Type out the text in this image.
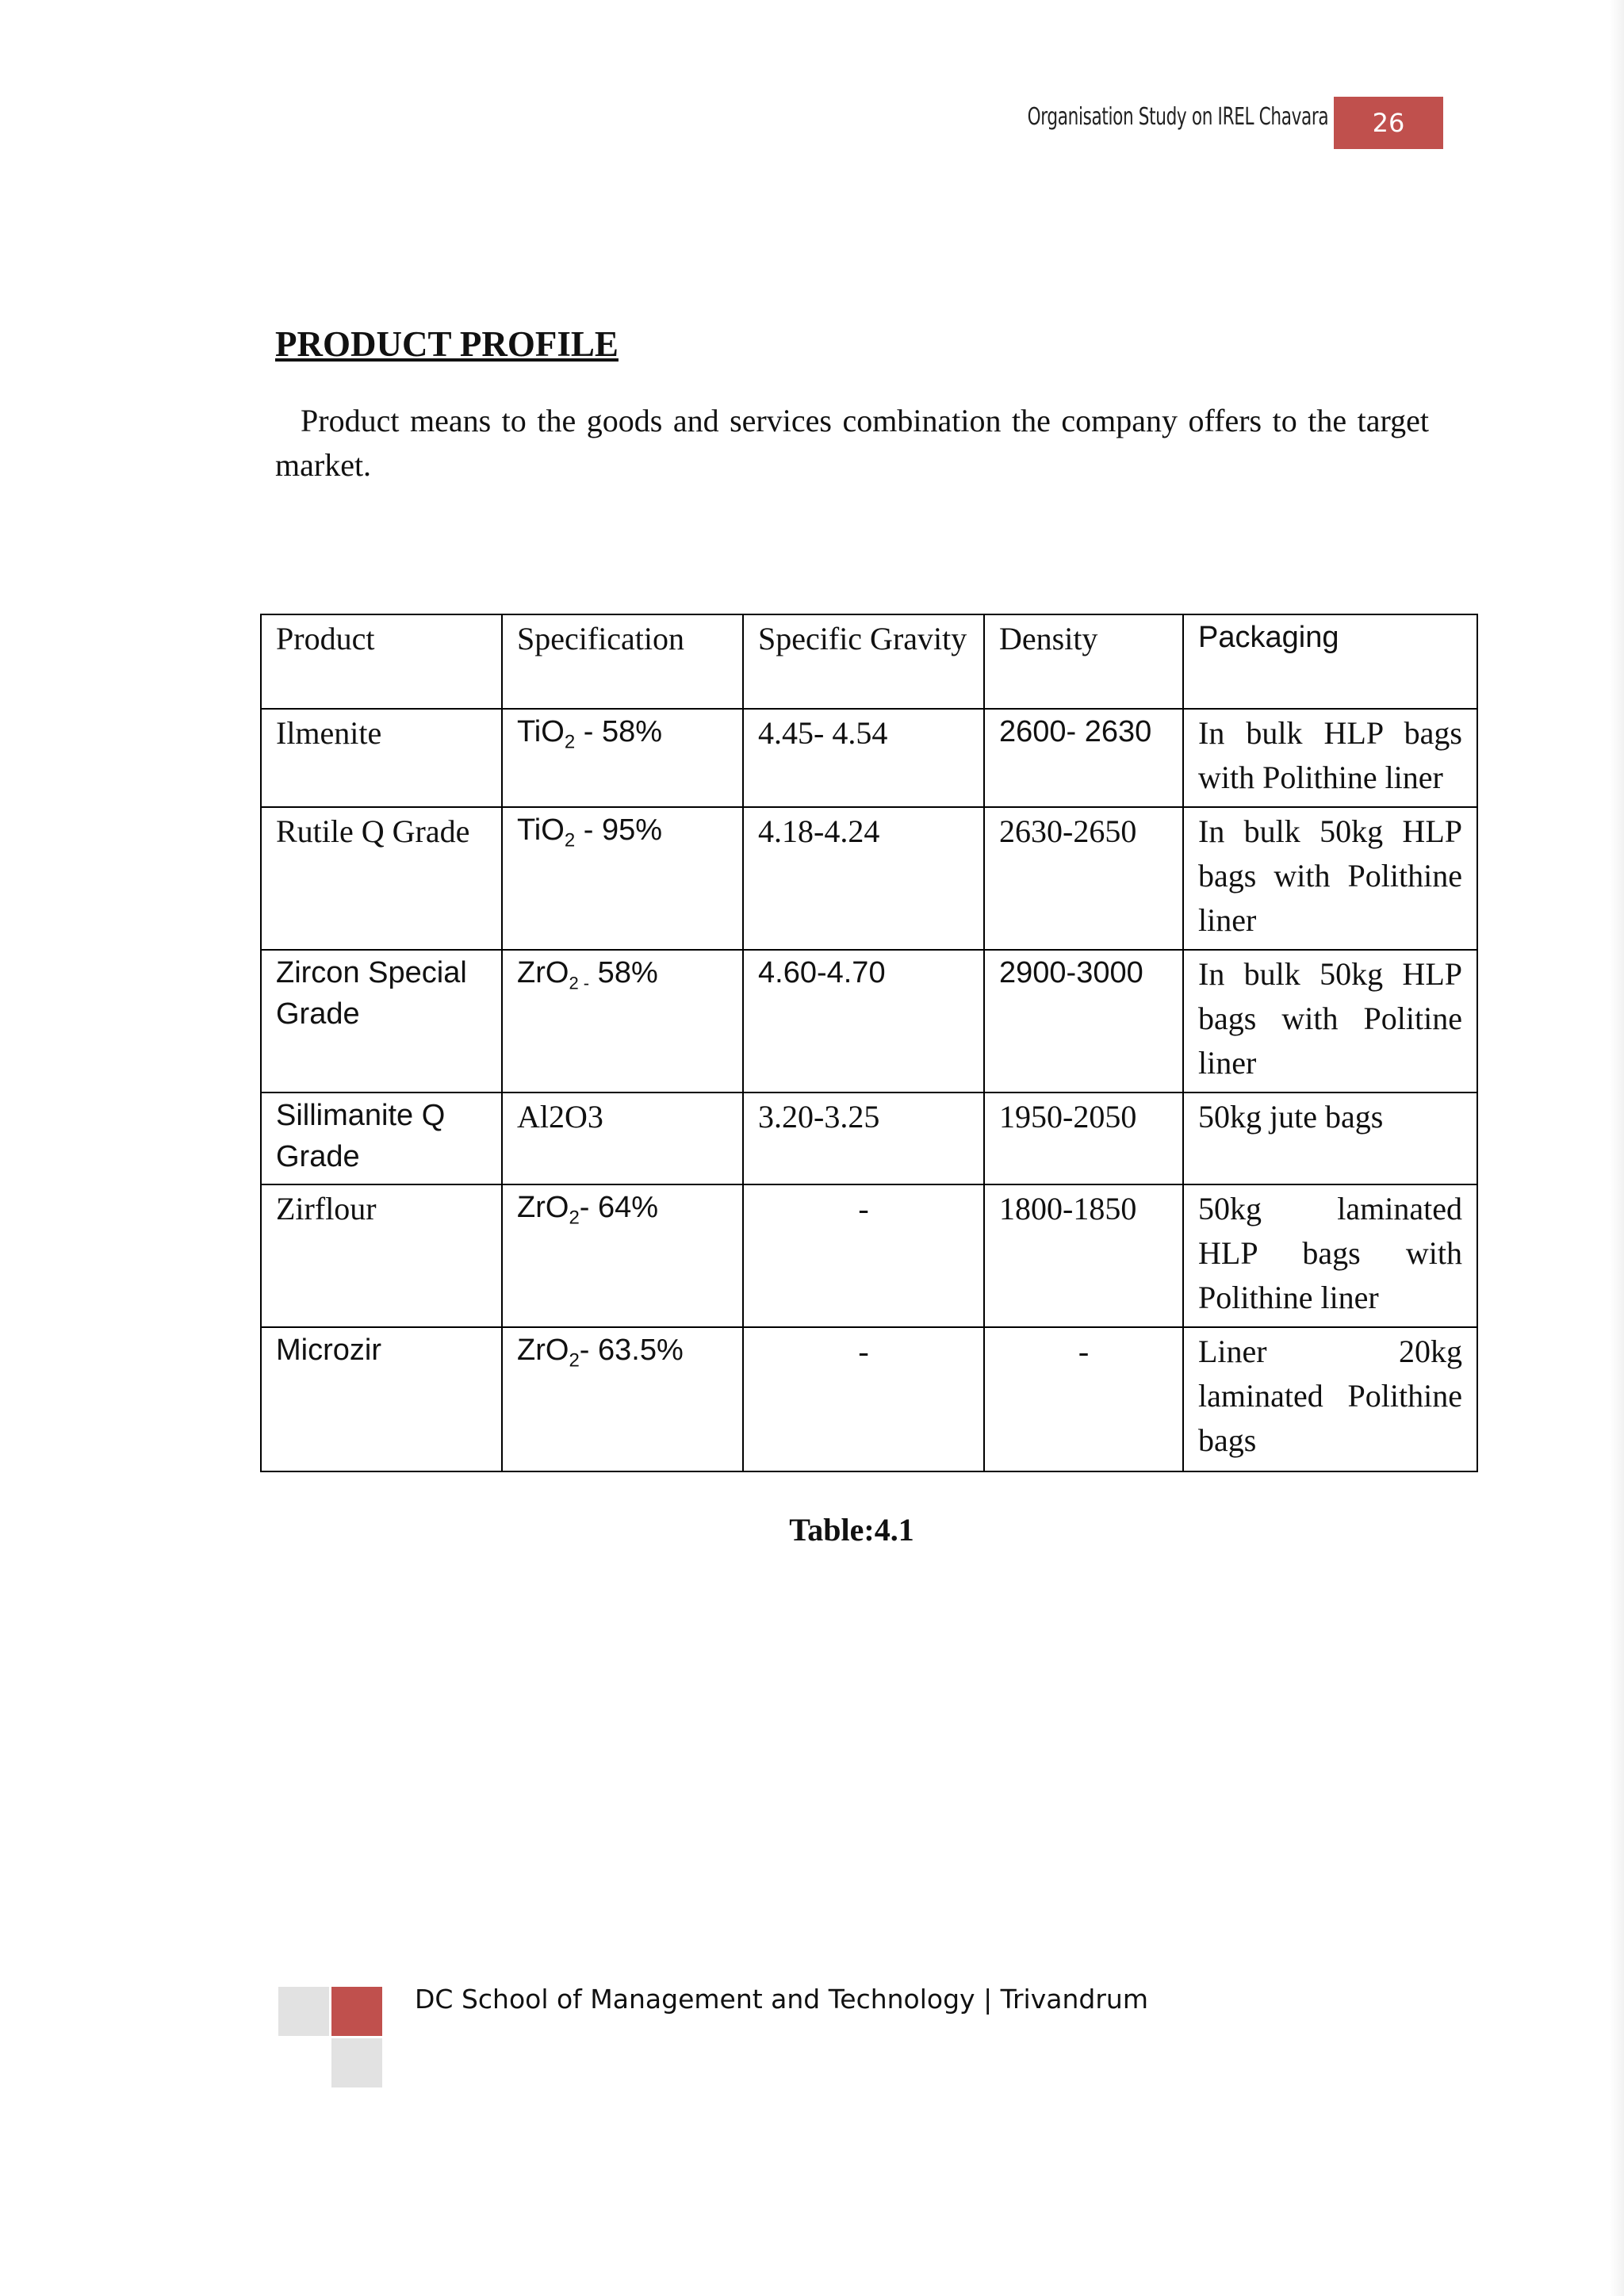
Organisation Study on IREL Chavara	26
PRODUCT PROFILE

Product means to the goods and services combination the company offers to the target market.

Product	Specification	Specific Gravity	Density	Packaging
Ilmenite	TiO$_2$ - 58%	4.45- 4.54	2600- 2630	In bulk HLP bags with Polithine liner
Rutile Q Grade	TiO$_2$ - 95%	4.18-4.24	2630-2650	In bulk 50kg HLP bags with Polithine liner
Zircon Special Grade	ZrO$_{2 -}$ 58%	4.60-4.70	2900-3000	In bulk 50kg HLP bags with Politine liner
Sillimanite Q Grade	Al2O3	3.20-3.25	1950-2050	50kg jute bags
Zirflour	ZrO$_2$- 64%	-	1800-1850	50kg laminated HLP bags with Polithine liner
Microzir	ZrO$_2$- 63.5%	-	-	Liner 20kg laminated Polithine bags
Table:4.1
DC School of Management and Technology | Trivandrum
